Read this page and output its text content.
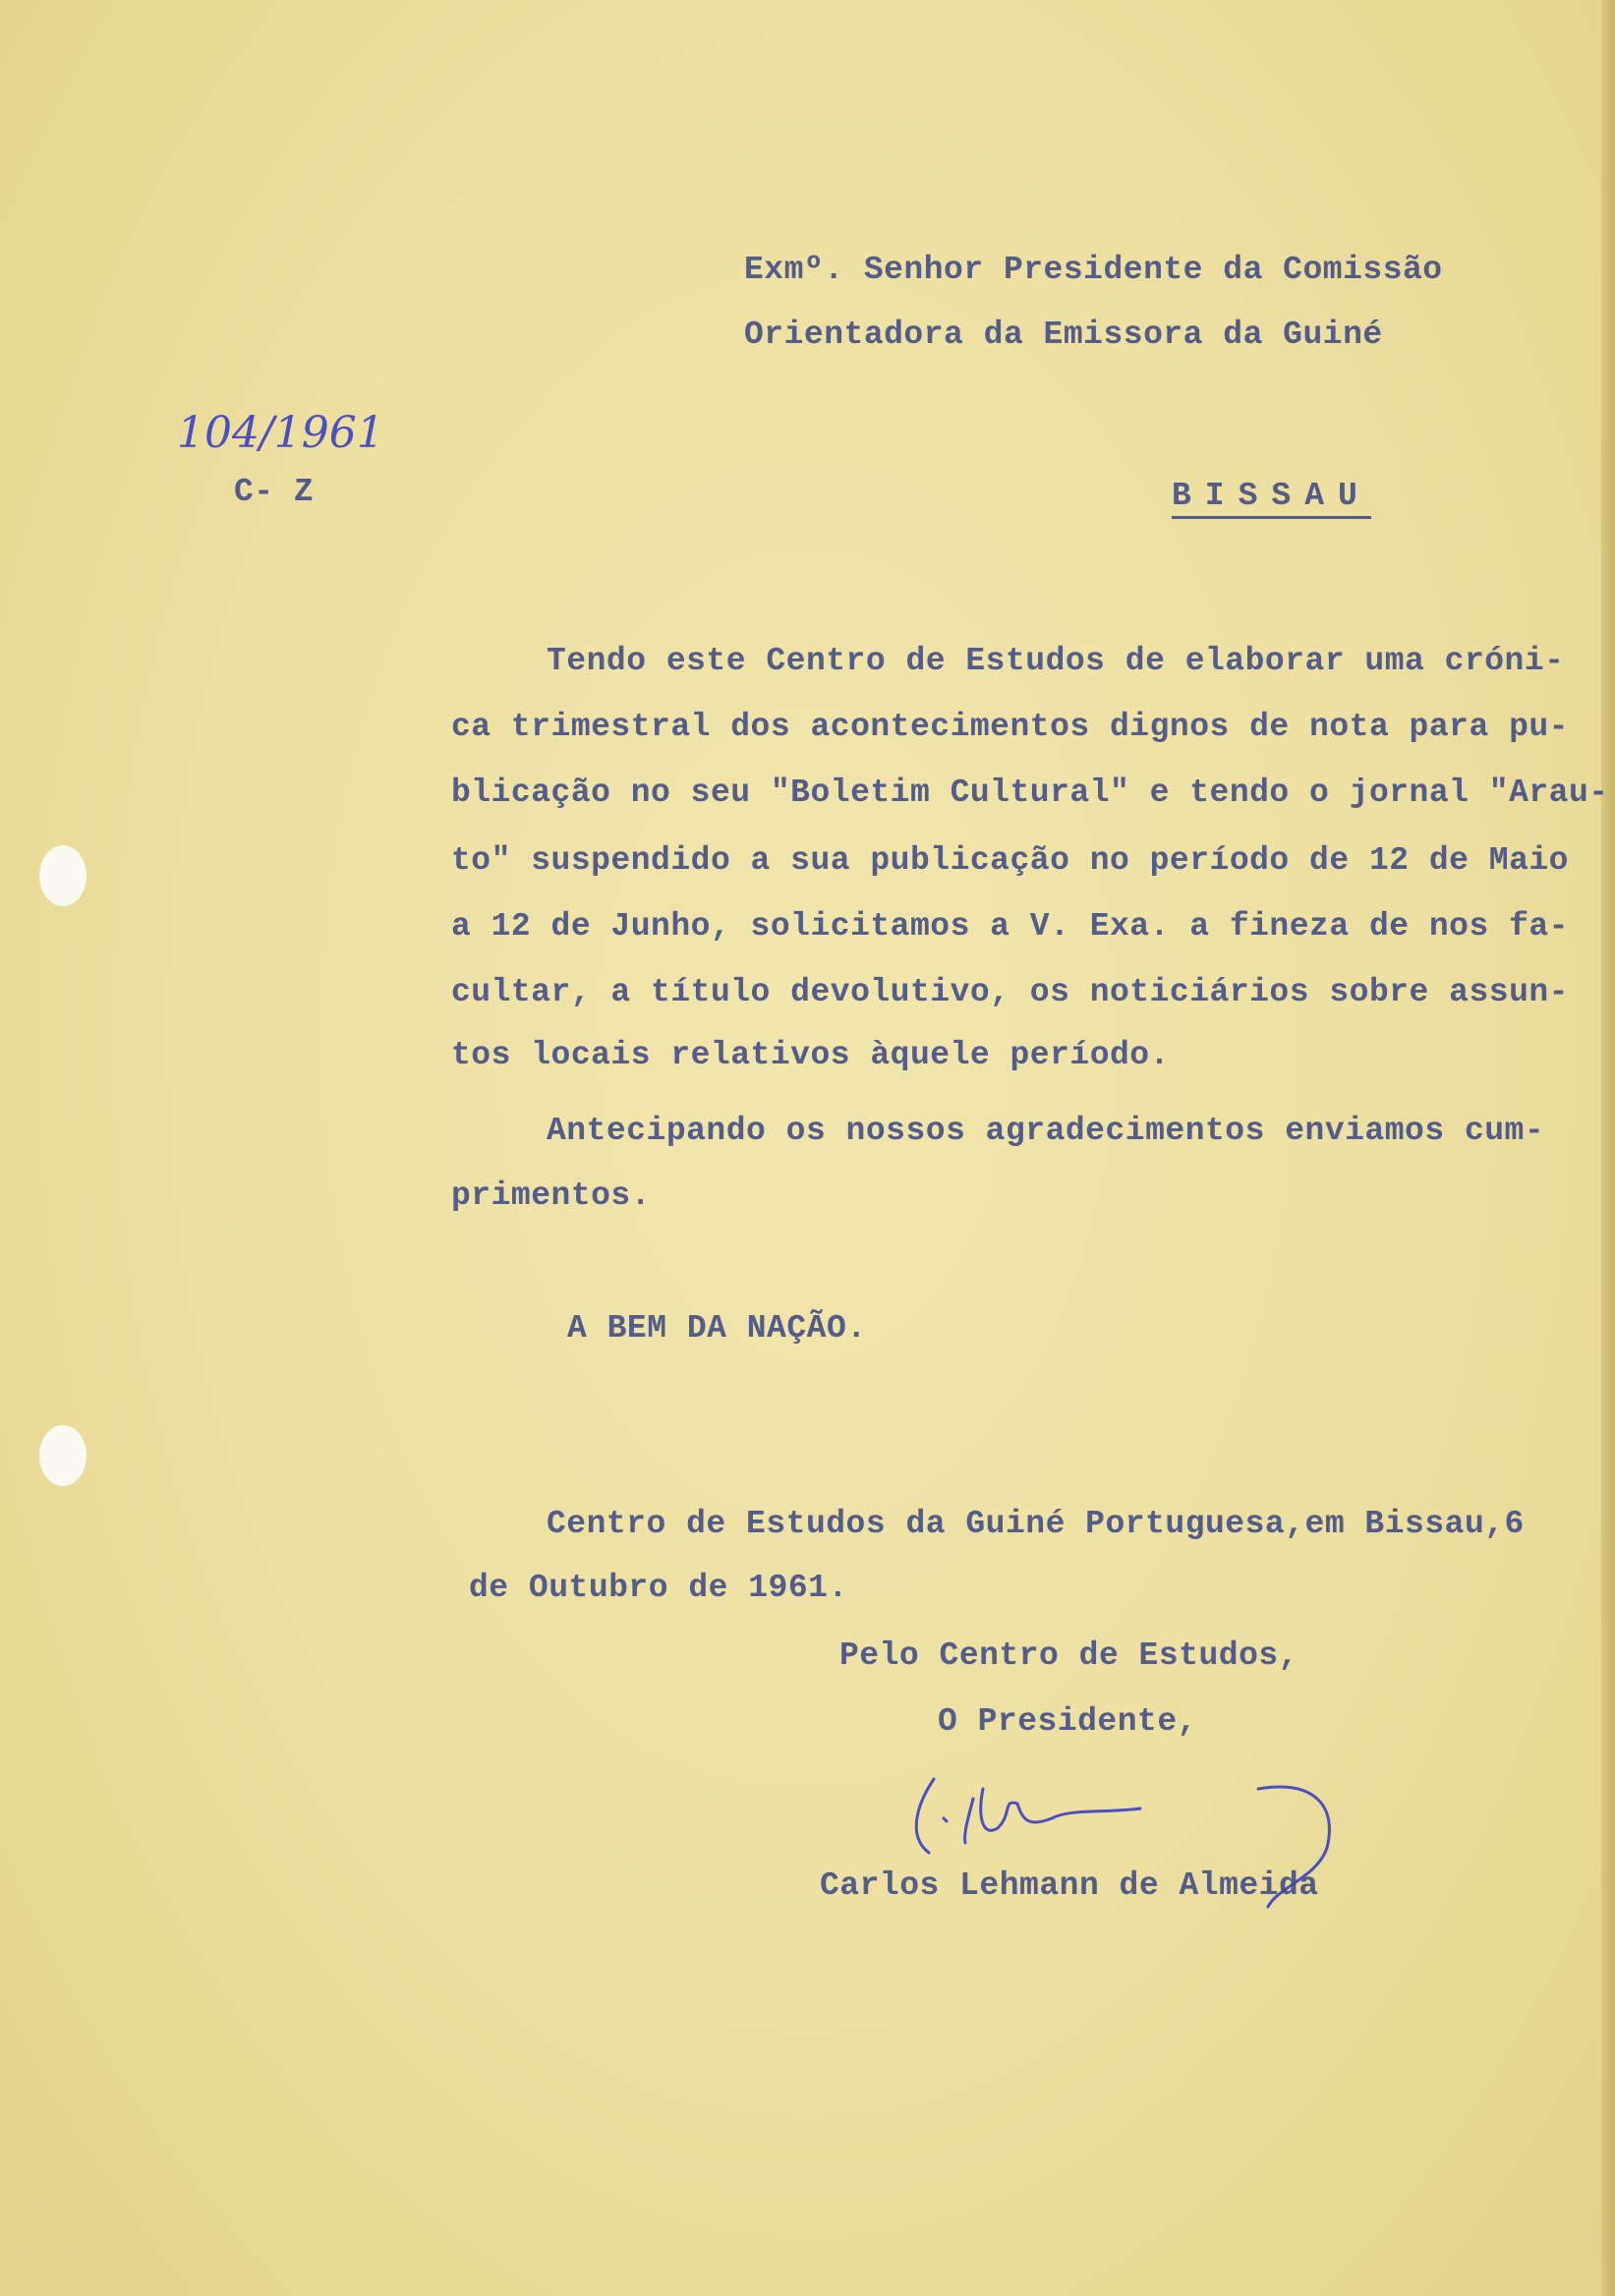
Exmº. Senhor Presidente da Comissão
Orientadora da Emissora da Guiné
104/1961
C- Z	BISSAU
Tendo este Centro de Estudos de elaborar uma cróni-
ca trimestral dos acontecimentos dignos de nota para pu-
blicação no seu "Boletim Cultural" e tendo o jornal "Arau-
to" suspendido a sua publicação no período de 12 de Maio
a 12 de Junho, solicitamos a V. Exa. a fineza de nos fa-
cultar, a título devolutivo, os noticiários sobre assun-
tos locais relativos àquele período.
Antecipando os nossos agradecimentos enviamos cum-
primentos.
A BEM DA NAÇÃO.
Centro de Estudos da Guiné Portuguesa,em Bissau,6
de Outubro de 1961.
Pelo Centro de Estudos,
O Presidente,
Carlos Lehmann de Almeida
